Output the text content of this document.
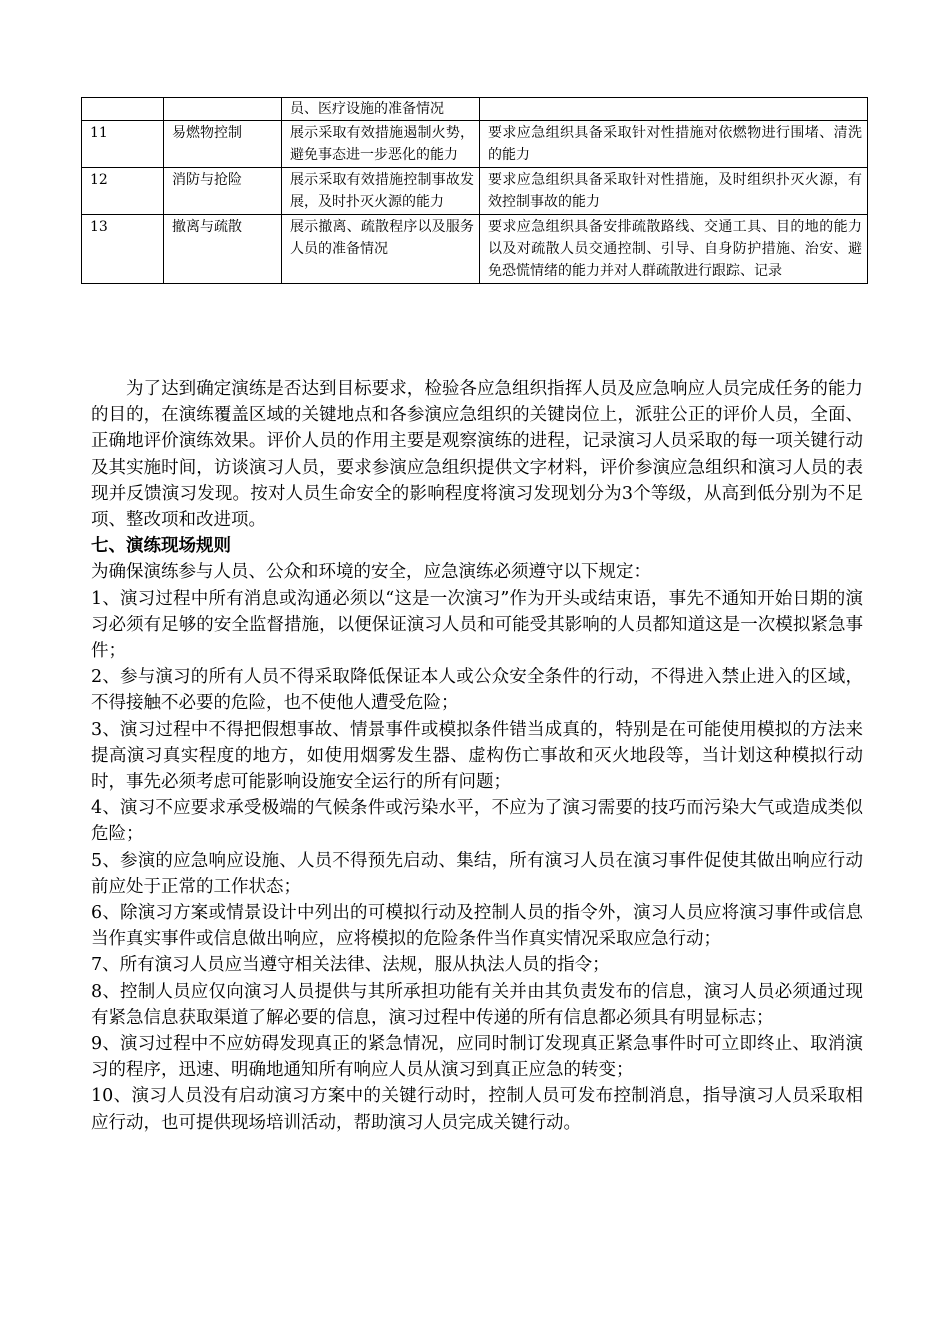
		员、医疗设施的准备情况	
11	易燃物控制	展示采取有效措施遏制火势，避免事态进一步恶化的能力	要求应急组织具备采取针对性措施对依燃物进行围堵、清洗的能力
12	消防与抢险	展示采取有效措施控制事故发展，及时扑灭火源的能力	要求应急组织具备采取针对性措施，及时组织扑灭火源，有效控制事故的能力
13	撤离与疏散	展示撤离、疏散程序以及服务人员的准备情况	要求应急组织具备安排疏散路线、交通工具、目的地的能力以及对疏散人员交通控制、引导、自身防护措施、治安、避免恐慌情绪的能力并对人群疏散进行跟踪、记录

为了达到确定演练是否达到目标要求，检验各应急组织指挥人员及应急响应人员完成任务的能力的目的，在演练覆盖区域的关键地点和各参演应急组织的关键岗位上，派驻公正的评价人员，全面、正确地评价演练效果。评价人员的作用主要是观察演练的进程，记录演习人员采取的每一项关键行动及其实施时间，访谈演习人员，要求参演应急组织提供文字材料，评价参演应急组织和演习人员的表现并反馈演习发现。按对人员生命安全的影响程度将演习发现划分为3个等级，从高到低分别为不足项、整改项和改进项。

七、演练现场规则

为确保演练参与人员、公众和环境的安全，应急演练必须遵守以下规定：

1、演习过程中所有消息或沟通必须以“这是一次演习”作为开头或结束语，事先不通知开始日期的演习必须有足够的安全监督措施，以便保证演习人员和可能受其影响的人员都知道这是一次模拟紧急事件；

2、参与演习的所有人员不得采取降低保证本人或公众安全条件的行动，不得进入禁止进入的区域，不得接触不必要的危险，也不使他人遭受危险；

3、演习过程中不得把假想事故、情景事件或模拟条件错当成真的，特别是在可能使用模拟的方法来提高演习真实程度的地方，如使用烟雾发生器、虚构伤亡事故和灭火地段等，当计划这种模拟行动时，事先必须考虑可能影响设施安全运行的所有问题；

4、演习不应要求承受极端的气候条件或污染水平，不应为了演习需要的技巧而污染大气或造成类似危险；

5、参演的应急响应设施、人员不得预先启动、集结，所有演习人员在演习事件促使其做出响应行动前应处于正常的工作状态；

6、除演习方案或情景设计中列出的可模拟行动及控制人员的指令外，演习人员应将演习事件或信息当作真实事件或信息做出响应，应将模拟的危险条件当作真实情况采取应急行动；

7、所有演习人员应当遵守相关法律、法规，服从执法人员的指令；

8、控制人员应仅向演习人员提供与其所承担功能有关并由其负责发布的信息，演习人员必须通过现有紧急信息获取渠道了解必要的信息，演习过程中传递的所有信息都必须具有明显标志；

9、演习过程中不应妨碍发现真正的紧急情况，应同时制订发现真正紧急事件时可立即终止、取消演习的程序，迅速、明确地通知所有响应人员从演习到真正应急的转变；

10、演习人员没有启动演习方案中的关键行动时，控制人员可发布控制消息，指导演习人员采取相应行动，也可提供现场培训活动，帮助演习人员完成关键行动。
